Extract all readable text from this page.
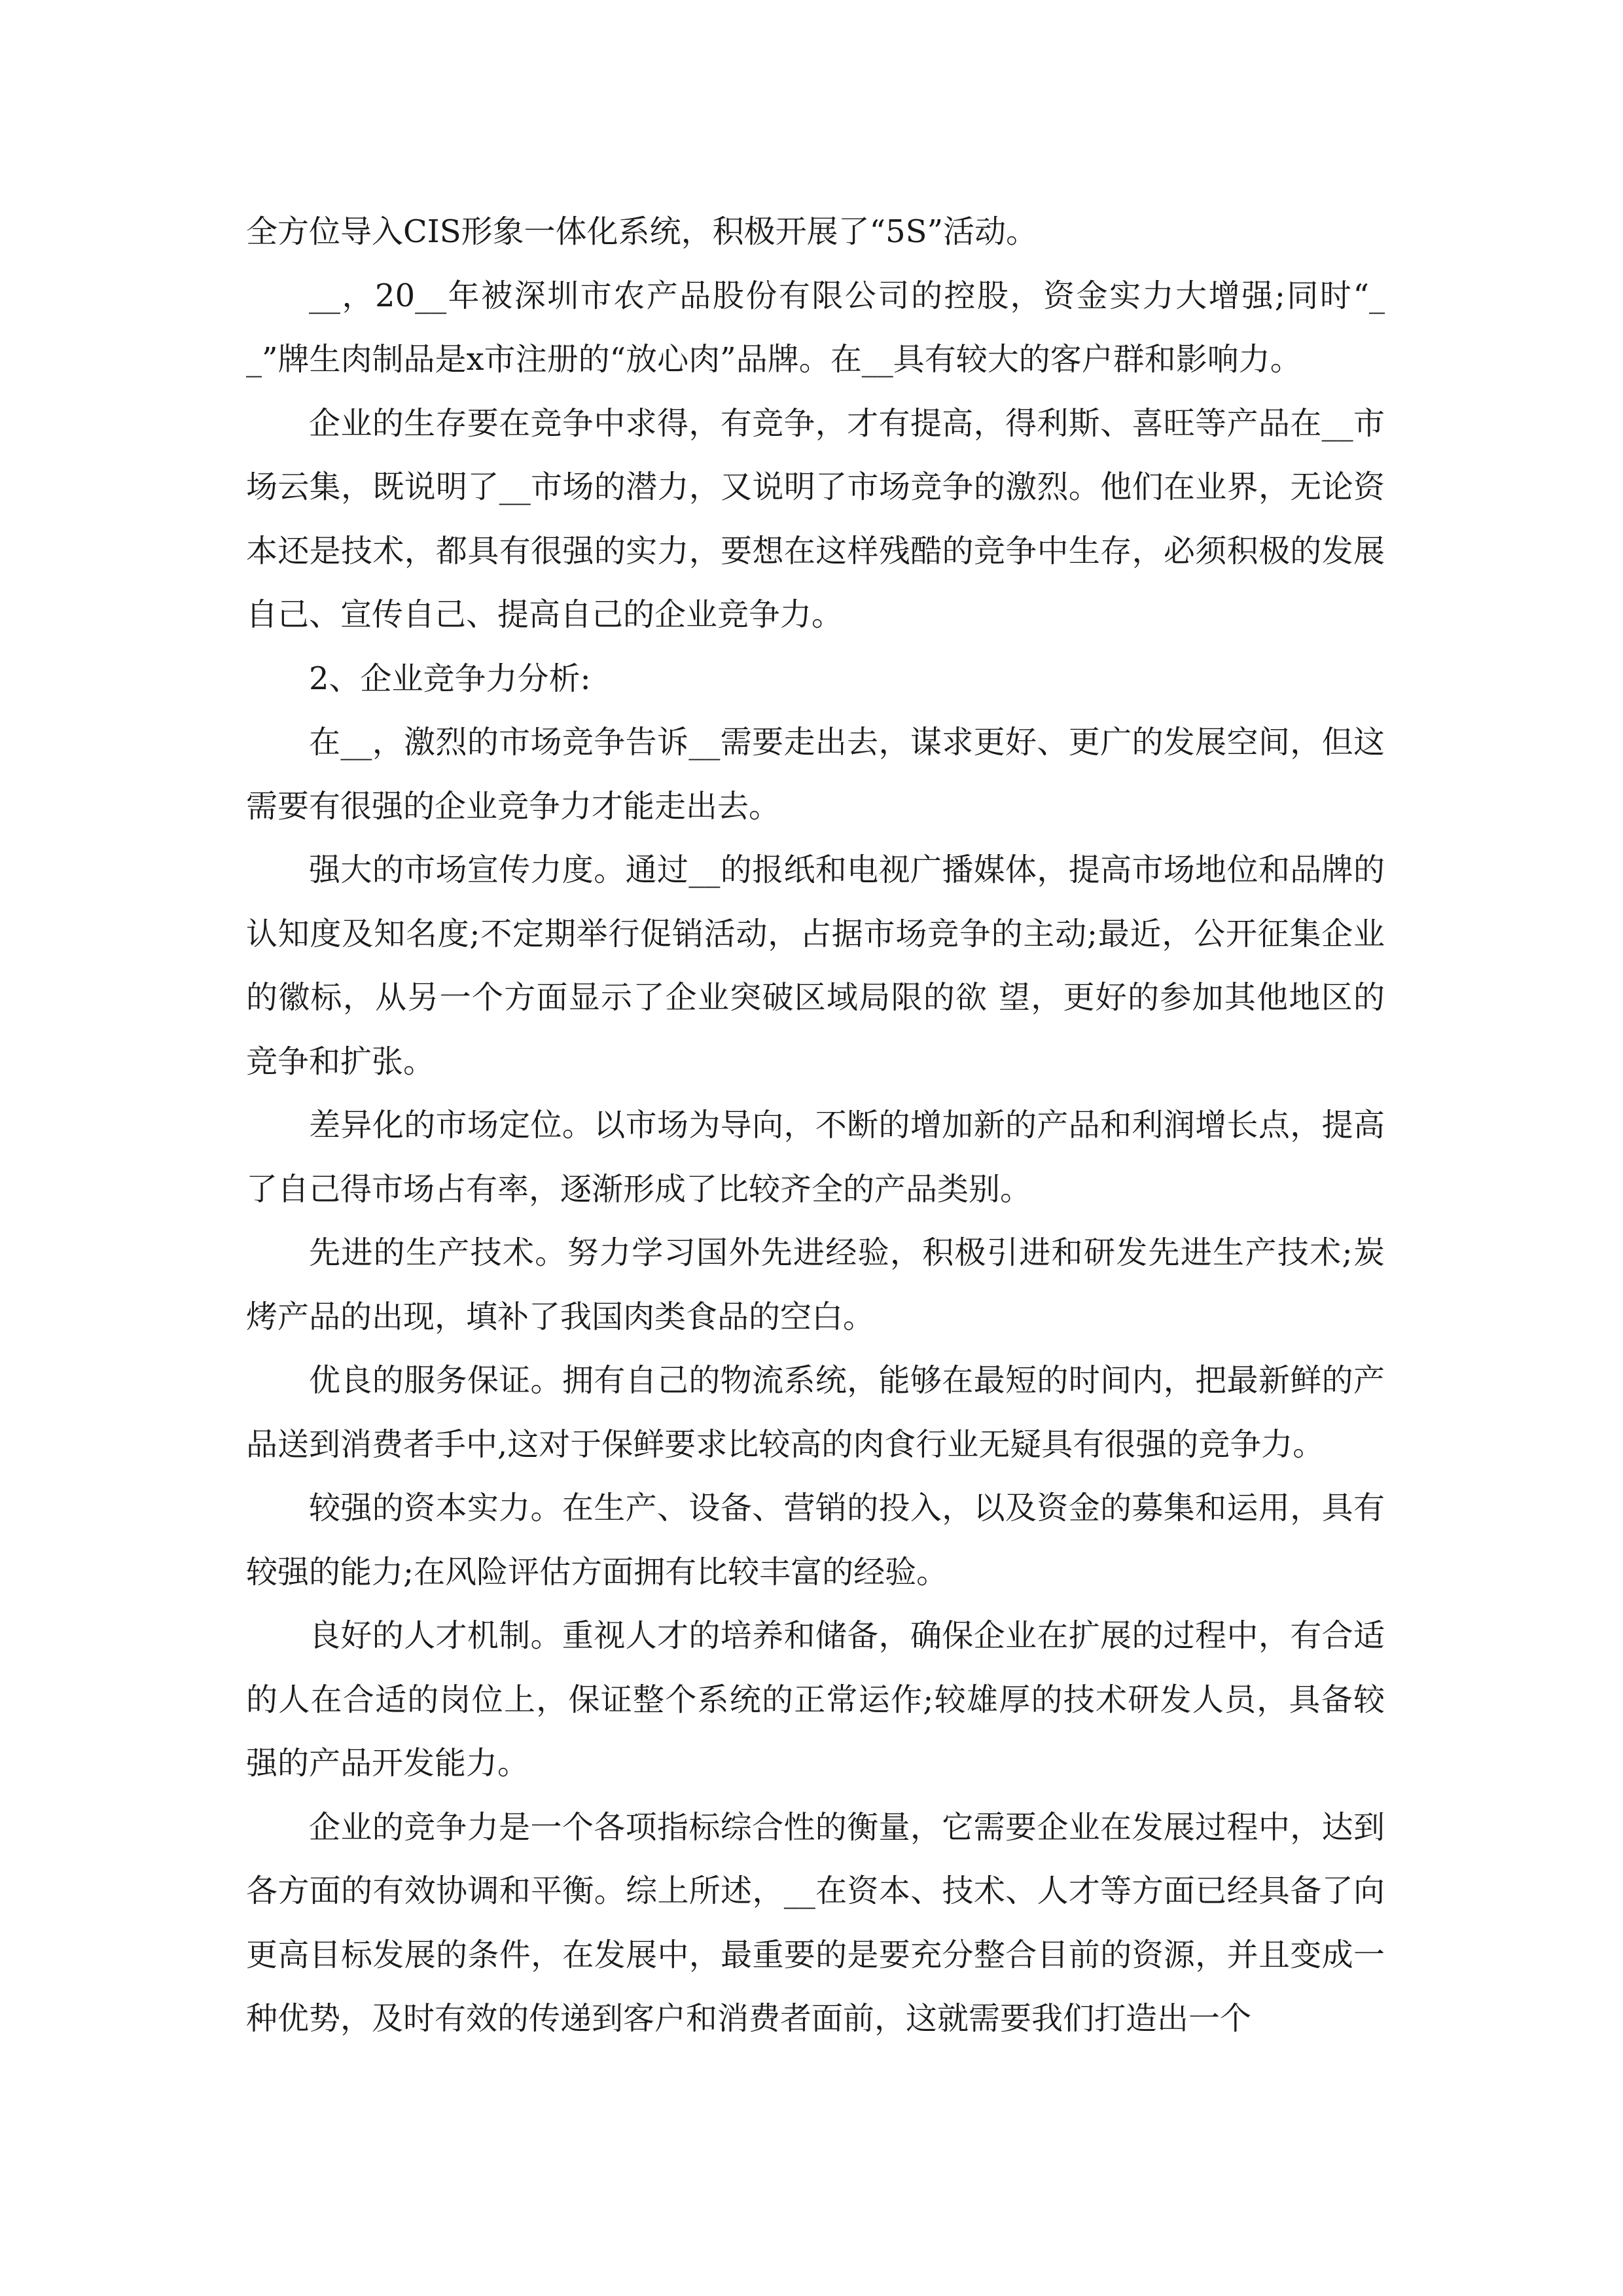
全方位导入CIS形象一体化系统，积极开展了“5S”活动。

__，20__年被深圳市农产品股份有限公司的控股，资金实力大增强;同时“__”牌生肉制品是x市注册的“放心肉”品牌。在__具有较大的客户群和影响力。

企业的生存要在竞争中求得，有竞争，才有提高，得利斯、喜旺等产品在__市场云集，既说明了__市场的潜力，又说明了市场竞争的激烈。他们在业界，无论资本还是技术，都具有很强的实力，要想在这样残酷的竞争中生存，必须积极的发展自己、宣传自己、提高自己的企业竞争力。

2、企业竞争力分析:

在__，激烈的市场竞争告诉__需要走出去，谋求更好、更广的发展空间，但这需要有很强的企业竞争力才能走出去。

强大的市场宣传力度。通过__的报纸和电视广播媒体，提高市场地位和品牌的认知度及知名度;不定期举行促销活动，占据市场竞争的主动;最近，公开征集企业的徽标，从另一个方面显示了企业突破区域局限的欲 望，更好的参加其他地区的竞争和扩张。

差异化的市场定位。以市场为导向，不断的增加新的产品和利润增长点，提高了自己得市场占有率，逐渐形成了比较齐全的产品类别。

先进的生产技术。努力学习国外先进经验，积极引进和研发先进生产技术;炭烤产品的出现，填补了我国肉类食品的空白。

优良的服务保证。拥有自己的物流系统，能够在最短的时间内，把最新鲜的产品送到消费者手中,这对于保鲜要求比较高的肉食行业无疑具有很强的竞争力。

较强的资本实力。在生产、设备、营销的投入，以及资金的募集和运用，具有较强的能力;在风险评估方面拥有比较丰富的经验。

良好的人才机制。重视人才的培养和储备，确保企业在扩展的过程中，有合适的人在合适的岗位上，保证整个系统的正常运作;较雄厚的技术研发人员，具备较强的产品开发能力。

企业的竞争力是一个各项指标综合性的衡量，它需要企业在发展过程中，达到各方面的有效协调和平衡。综上所述，__在资本、技术、人才等方面已经具备了向更高目标发展的条件，在发展中，最重要的是要充分整合目前的资源，并且变成一种优势，及时有效的传递到客户和消费者面前，这就需要我们打造出一个
